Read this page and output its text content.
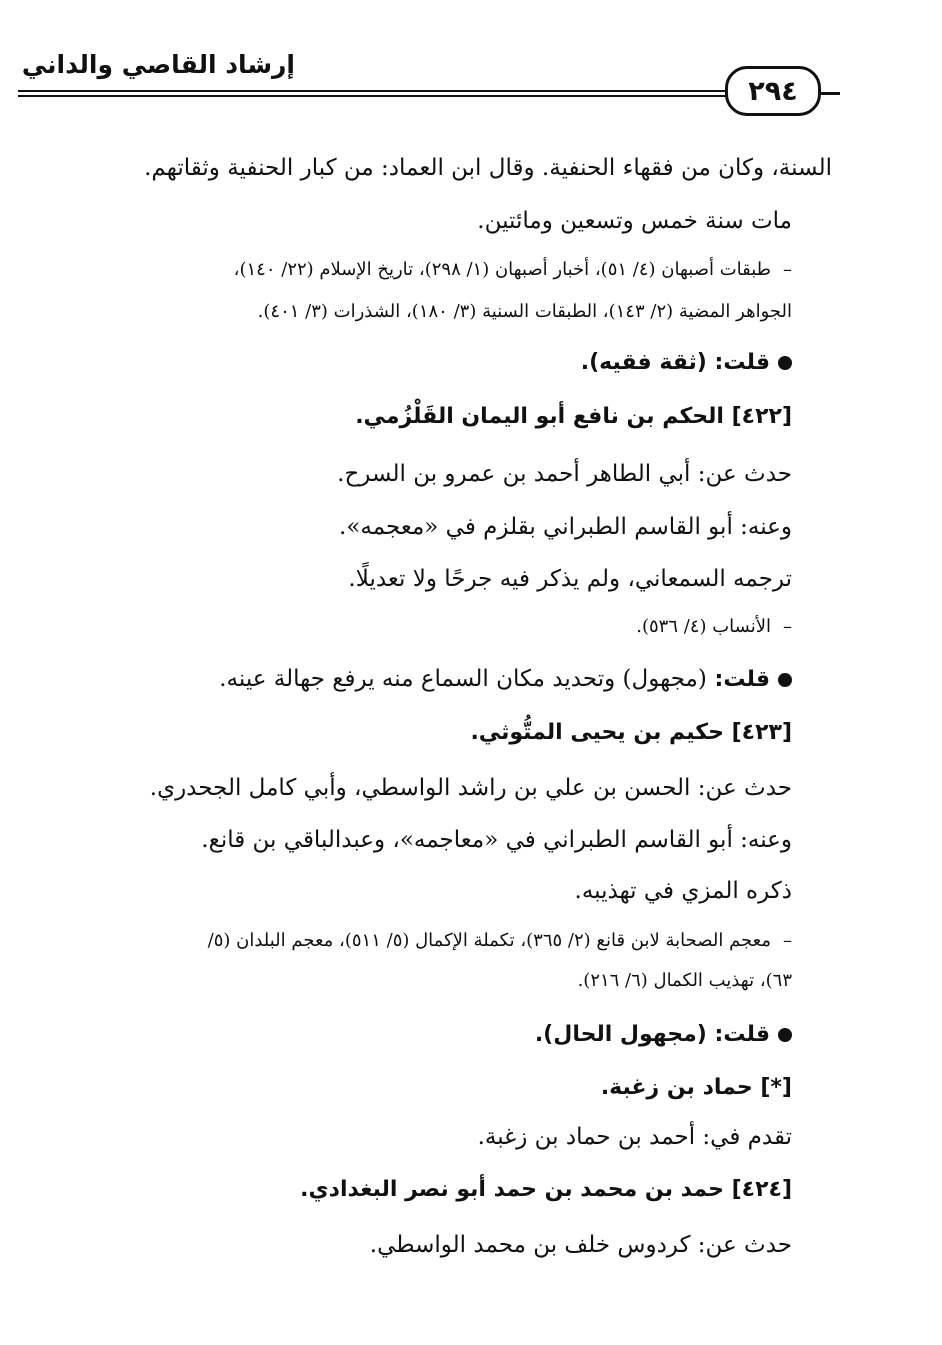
إرشاد القاصي والداني
٢٩٤
السنة، وكان من فقهاء الحنفية. وقال ابن العماد: من كبار الحنفية وثقاتهم.
مات سنة خمس وتسعين ومائتين.
–طبقات أصبهان (٤/ ٥١)، أخبار أصبهان (١/ ٢٩٨)، تاريخ الإسلام (٢٢/ ١٤٠)،
الجواهر المضية (٢/ ١٤٣)، الطبقات السنية (٣/ ١٨٠)، الشذرات (٣/ ٤٠١).
قلت: (ثقة فقيه).
[٤٢٢] الحكم بن نافع أبو اليمان القَلْزُمي.
حدث عن: أبي الطاهر أحمد بن عمرو بن السرح.
وعنه: أبو القاسم الطبراني بقلزم في «معجمه».
ترجمه السمعاني، ولم يذكر فيه جرحًا ولا تعديلًا.
–الأنساب (٤/ ٥٣٦).
قلت: (مجهول) وتحديد مكان السماع منه يرفع جهالة عينه.
[٤٢٣] حكيم بن يحيى المتُّوثي.
حدث عن: الحسن بن علي بن راشد الواسطي، وأبي كامل الجحدري.
وعنه: أبو القاسم الطبراني في «معاجمه»، وعبدالباقي بن قانع.
ذكره المزي في تهذيبه.
–معجم الصحابة لابن قانع (٢/ ٣٦٥)، تكملة الإكمال (٥/ ٥١١)، معجم البلدان (٥/
٦٣)، تهذيب الكمال (٦/ ٢١٦).
قلت: (مجهول الحال).
[*] حماد بن زغبة.
تقدم في: أحمد بن حماد بن زغبة.
[٤٢٤] حمد بن محمد بن حمد أبو نصر البغدادي.
حدث عن: كردوس خلف بن محمد الواسطي.
